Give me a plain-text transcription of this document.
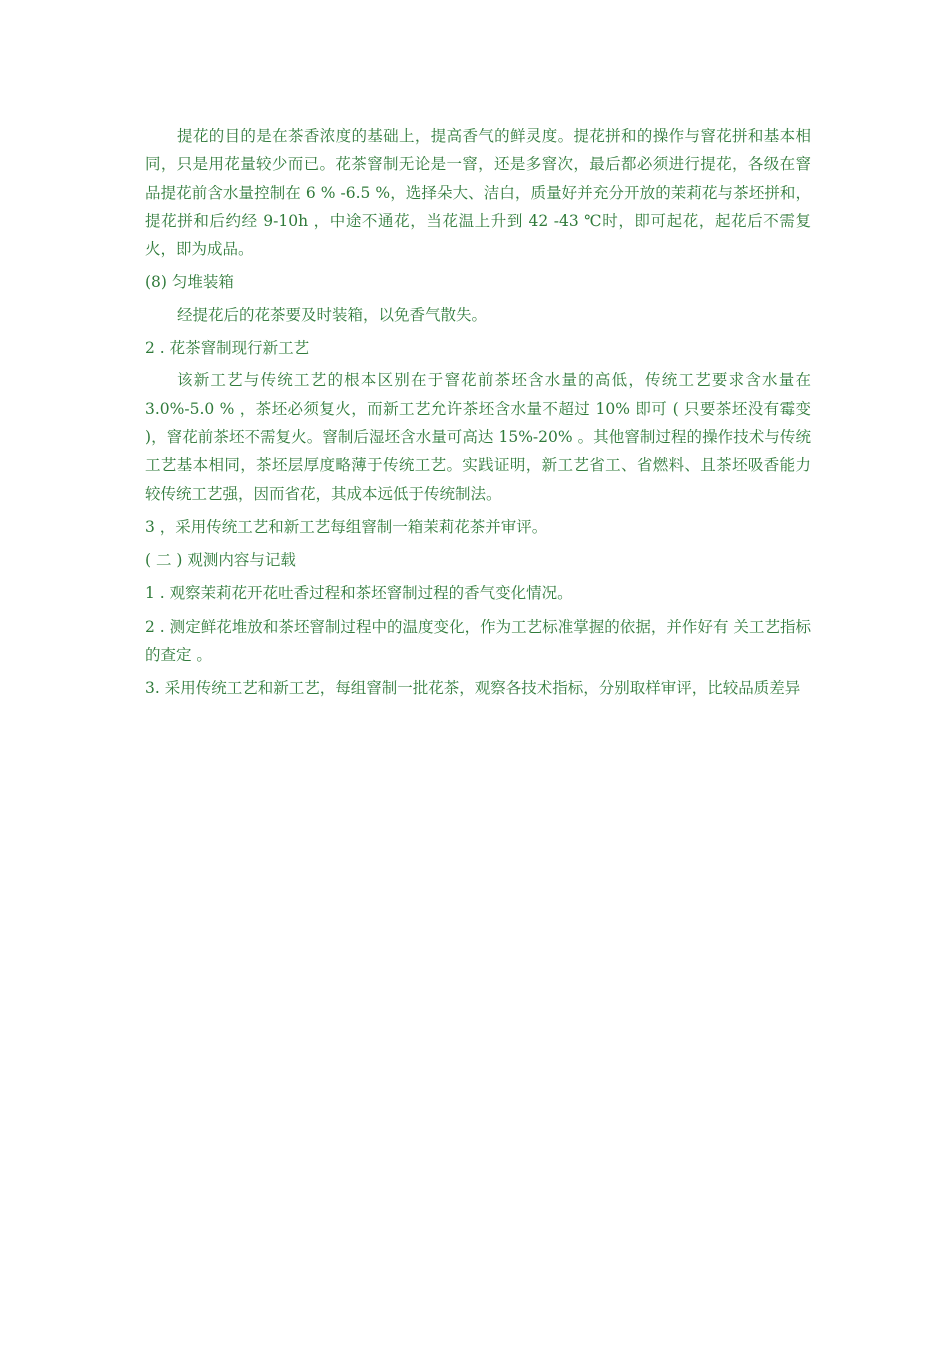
提花的目的是在茶香浓度的基础上，提高香气的鲜灵度。提花拼和的操作与窨花拼和基本相同，只是用花量较少而已。花茶窨制无论是一窨，还是多窨次，最后都必须进行提花，各级在窨品提花前含水量控制在 6 % -6.5 %，选择朵大、洁白，质量好并充分开放的茉莉花与茶坯拼和，提花拼和后约经 9-10h ，中途不通花，当花温上升到 42 -43 ℃时，即可起花，起花后不需复火，即为成品。

(8) 匀堆装箱

经提花后的花茶要及时装箱，以免香气散失。

2 . 花茶窨制现行新工艺

该新工艺与传统工艺的根本区别在于窨花前茶坯含水量的高低，传统工艺要求含水量在 3.0%-5.0 % ，茶坯必须复火，而新工艺允许茶坯含水量不超过 10% 即可 ( 只要茶坯没有霉变 )，窨花前茶坯不需复火。窨制后湿坯含水量可高达 15%-20% 。其他窨制过程的操作技术与传统工艺基本相同，茶坯层厚度略薄于传统工艺。实践证明，新工艺省工、省燃料、且茶坯吸香能力较传统工艺强，因而省花，其成本远低于传统制法。

3 ，采用传统工艺和新工艺每组窨制一箱茉莉花茶并审评。

( 二 ) 观测内容与记载

1 . 观察茉莉花开花吐香过程和茶坯窨制过程的香气变化情况。

2 . 测定鲜花堆放和茶坯窨制过程中的温度变化，作为工艺标准掌握的依据，并作好有 关工艺指标的查定 。

3. 采用传统工艺和新工艺，每组窨制一批花茶，观察各技术指标，分别取样审评，比较品质差异
